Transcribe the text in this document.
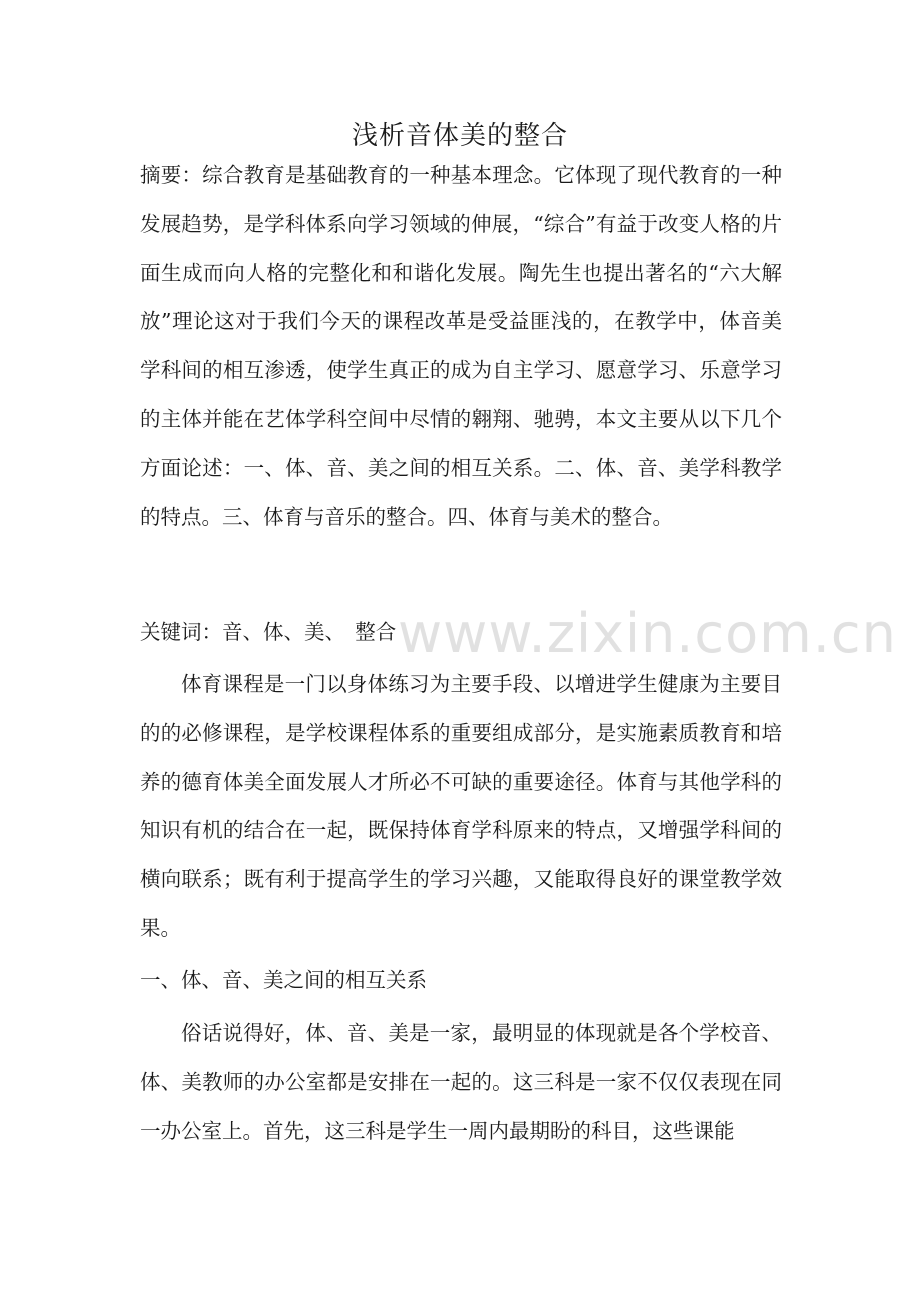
浅析音体美的整合

摘要：综合教育是基础教育的一种基本理念。它体现了现代教育的一种发展趋势，是学科体系向学习领域的伸展，“综合”有益于改变人格的片面生成而向人格的完整化和和谐化发展。陶先生也提出著名的“六大解放”理论这对于我们今天的课程改革是受益匪浅的，在教学中，体音美学科间的相互渗透，使学生真正的成为自主学习、愿意学习、乐意学习的主体并能在艺体学科空间中尽情的翱翔、驰骋，本文主要从以下几个方面论述：一、体、音、美之间的相互关系。二、体、音、美学科教学的特点。三、体育与音乐的整合。四、体育与美术的整合。

关键词：音、体、美、　整合

体育课程是一门以身体练习为主要手段、以增进学生健康为主要目的的必修课程，是学校课程体系的重要组成部分，是实施素质教育和培养的德育体美全面发展人才所必不可缺的重要途径。体育与其他学科的知识有机的结合在一起，既保持体育学科原来的特点，又增强学科间的横向联系；既有利于提高学生的学习兴趣，又能取得良好的课堂教学效果。

一、体、音、美之间的相互关系

俗话说得好，体、音、美是一家，最明显的体现就是各个学校音、体、美教师的办公室都是安排在一起的。这三科是一家不仅仅表现在同一办公室上。首先，这三科是学生一周内最期盼的科目，这些课能

www.zixin.com.cn
